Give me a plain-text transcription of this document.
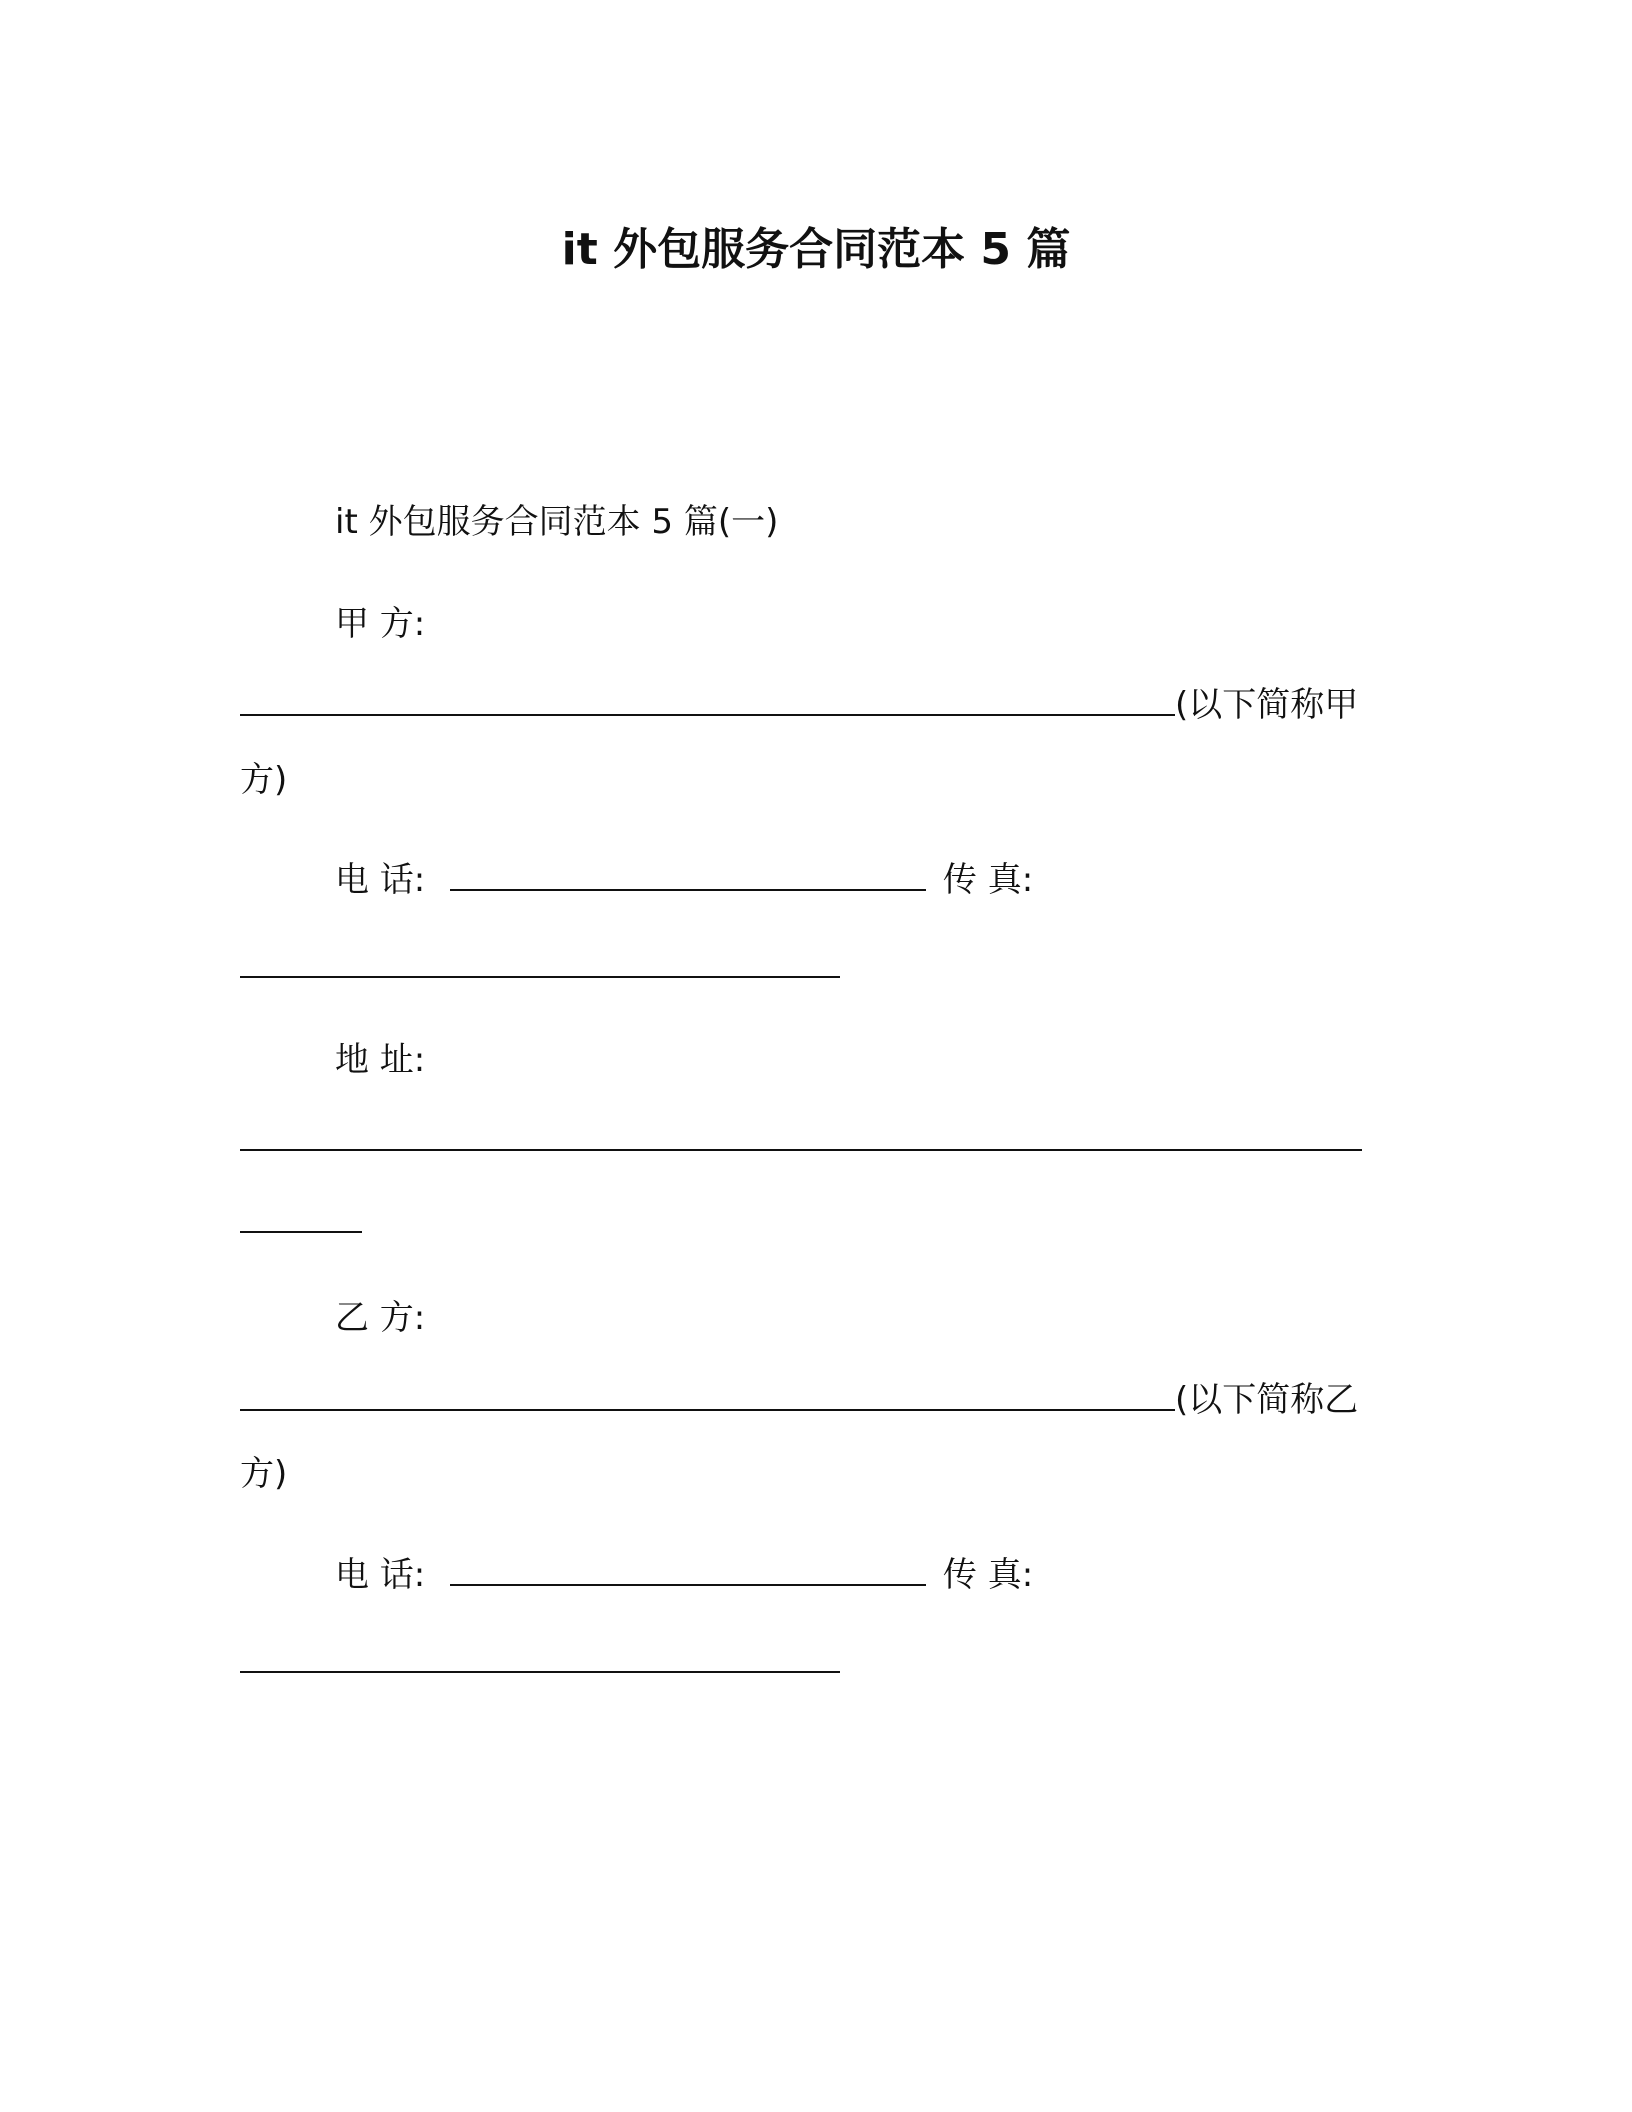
it 外包服务合同范本 5 篇
it 外包服务合同范本 5 篇(一)
甲 方:
(以下简称甲
方)
电 话:	传 真:
地 址:
乙 方:
(以下简称乙
方)
电 话:	传 真:
